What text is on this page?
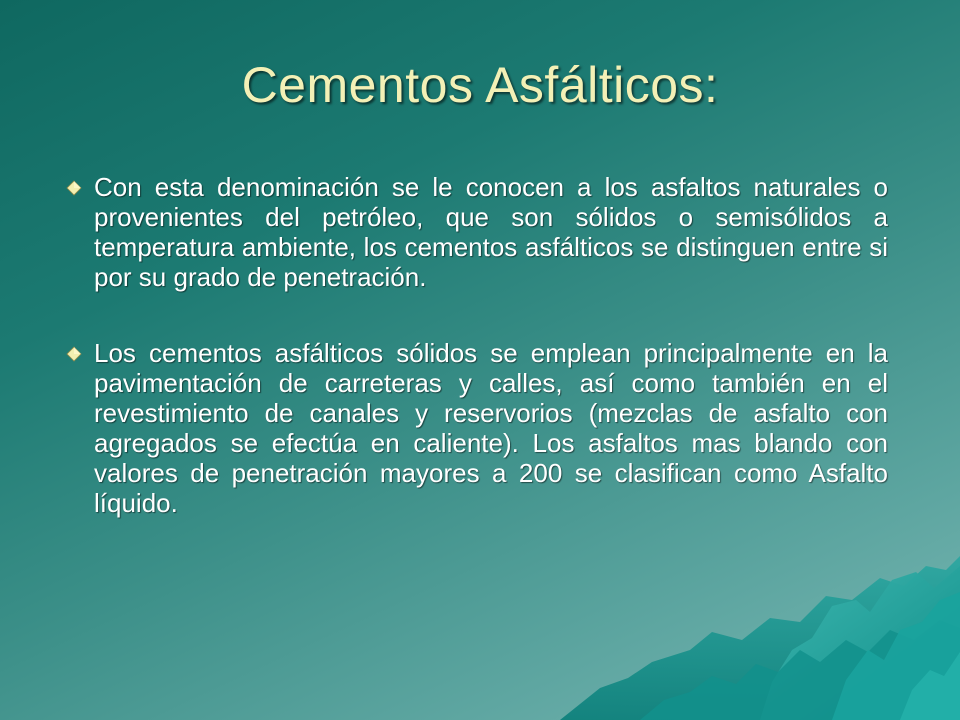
Cementos Asfálticos:
Con esta denominación se le conocen a los asfaltos naturales o provenientes del petróleo, que son sólidos o semisólidos a temperatura ambiente, los cementos asfálticos se distinguen entre si por su grado de penetración.
Los cementos asfálticos sólidos se emplean principalmente en la pavimentación de carreteras y calles, así como también en el revestimiento de canales y reservorios (mezclas de asfalto con agregados se efectúa en caliente). Los asfaltos mas blando con valores de penetración mayores a 200 se clasifican como Asfalto líquido.
